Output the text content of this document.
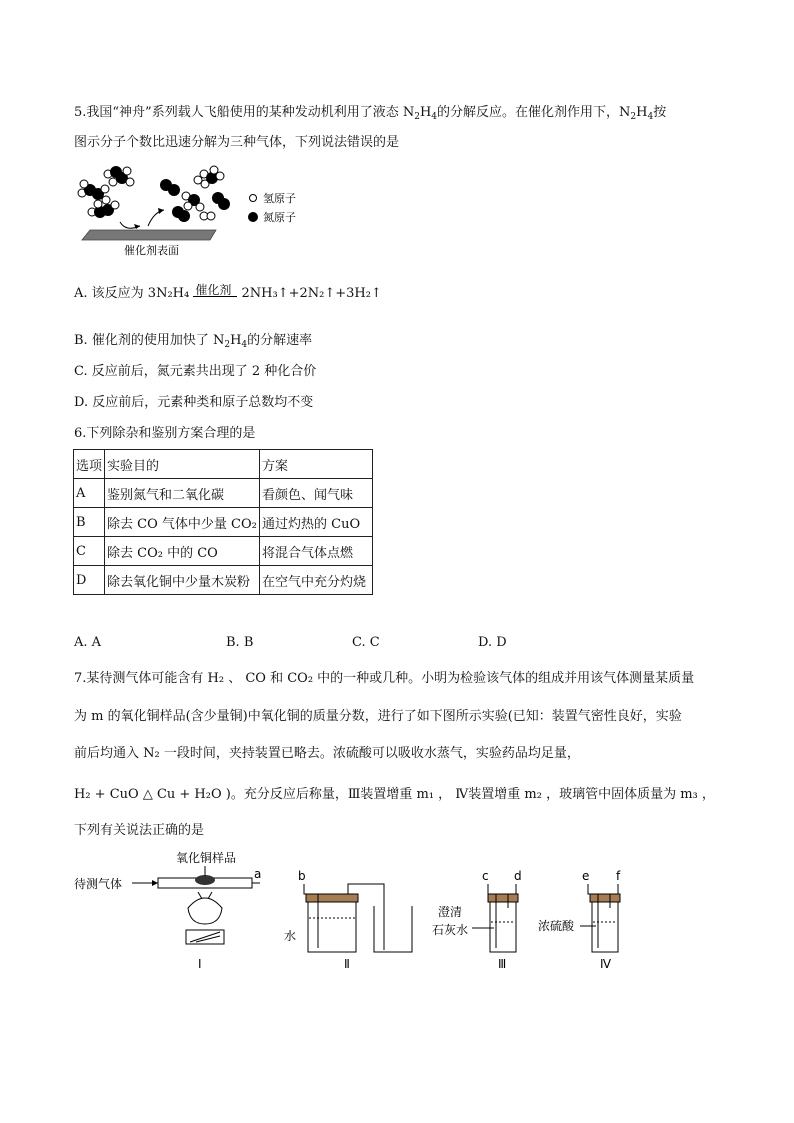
5.我国“神舟”系列载人飞船使用的某种发动机利用了液态 $N_2H_4$的分解反应。在催化剂作用下，$N_2H_4$按
图示分子个数比迅速分解为三种气体，下列说法错误的是
氢原子
氮原子
催化剂表面
A. 该反应为 3N₂H₄ 催化剂 2NH₃↑+2N₂↑+3H₂↑
B. 催化剂的使用加快了 $N_2H_4$的分解速率
C. 反应前后，氮元素共出现了 2 种化合价
D. 反应前后，元素种类和原子总数均不变
6.下列除杂和鉴别方案合理的是
选项	实验目的	方案
A	鉴别氮气和二氧化碳	看颜色、闻气味
B	除去 CO 气体中少量 CO₂	通过灼热的 CuO
C	除去 CO₂ 中的 CO	将混合气体点燃
D	除去氧化铜中少量木炭粉	在空气中充分灼烧
A. A	B. B	C. C	D. D
7.某待测气体可能含有 H₂ 、 CO 和 CO₂ 中的一种或几种。小明为检验该气体的组成并用该气体测量某质量
为 m 的氧化铜样品(含少量铜)中氧化铜的质量分数，进行了如下图所示实验(已知：装置气密性良好，实验
前后均通入 N₂ 一段时间，夹持装置已略去。浓硫酸可以吸收水蒸气，实验药品均足量，
H₂ + CuO △ Cu + H₂O )。充分反应后称量，Ⅲ装置增重 m₁ ， Ⅳ装置增重 m₂ ，玻璃管中固体质量为 m₃ ，
下列有关说法正确的是
氧化铜样品
待测气体
a
Ⅰ
b
水
Ⅱ
c d
澄清
石灰水
Ⅲ
e f
浓硫酸
Ⅳ
